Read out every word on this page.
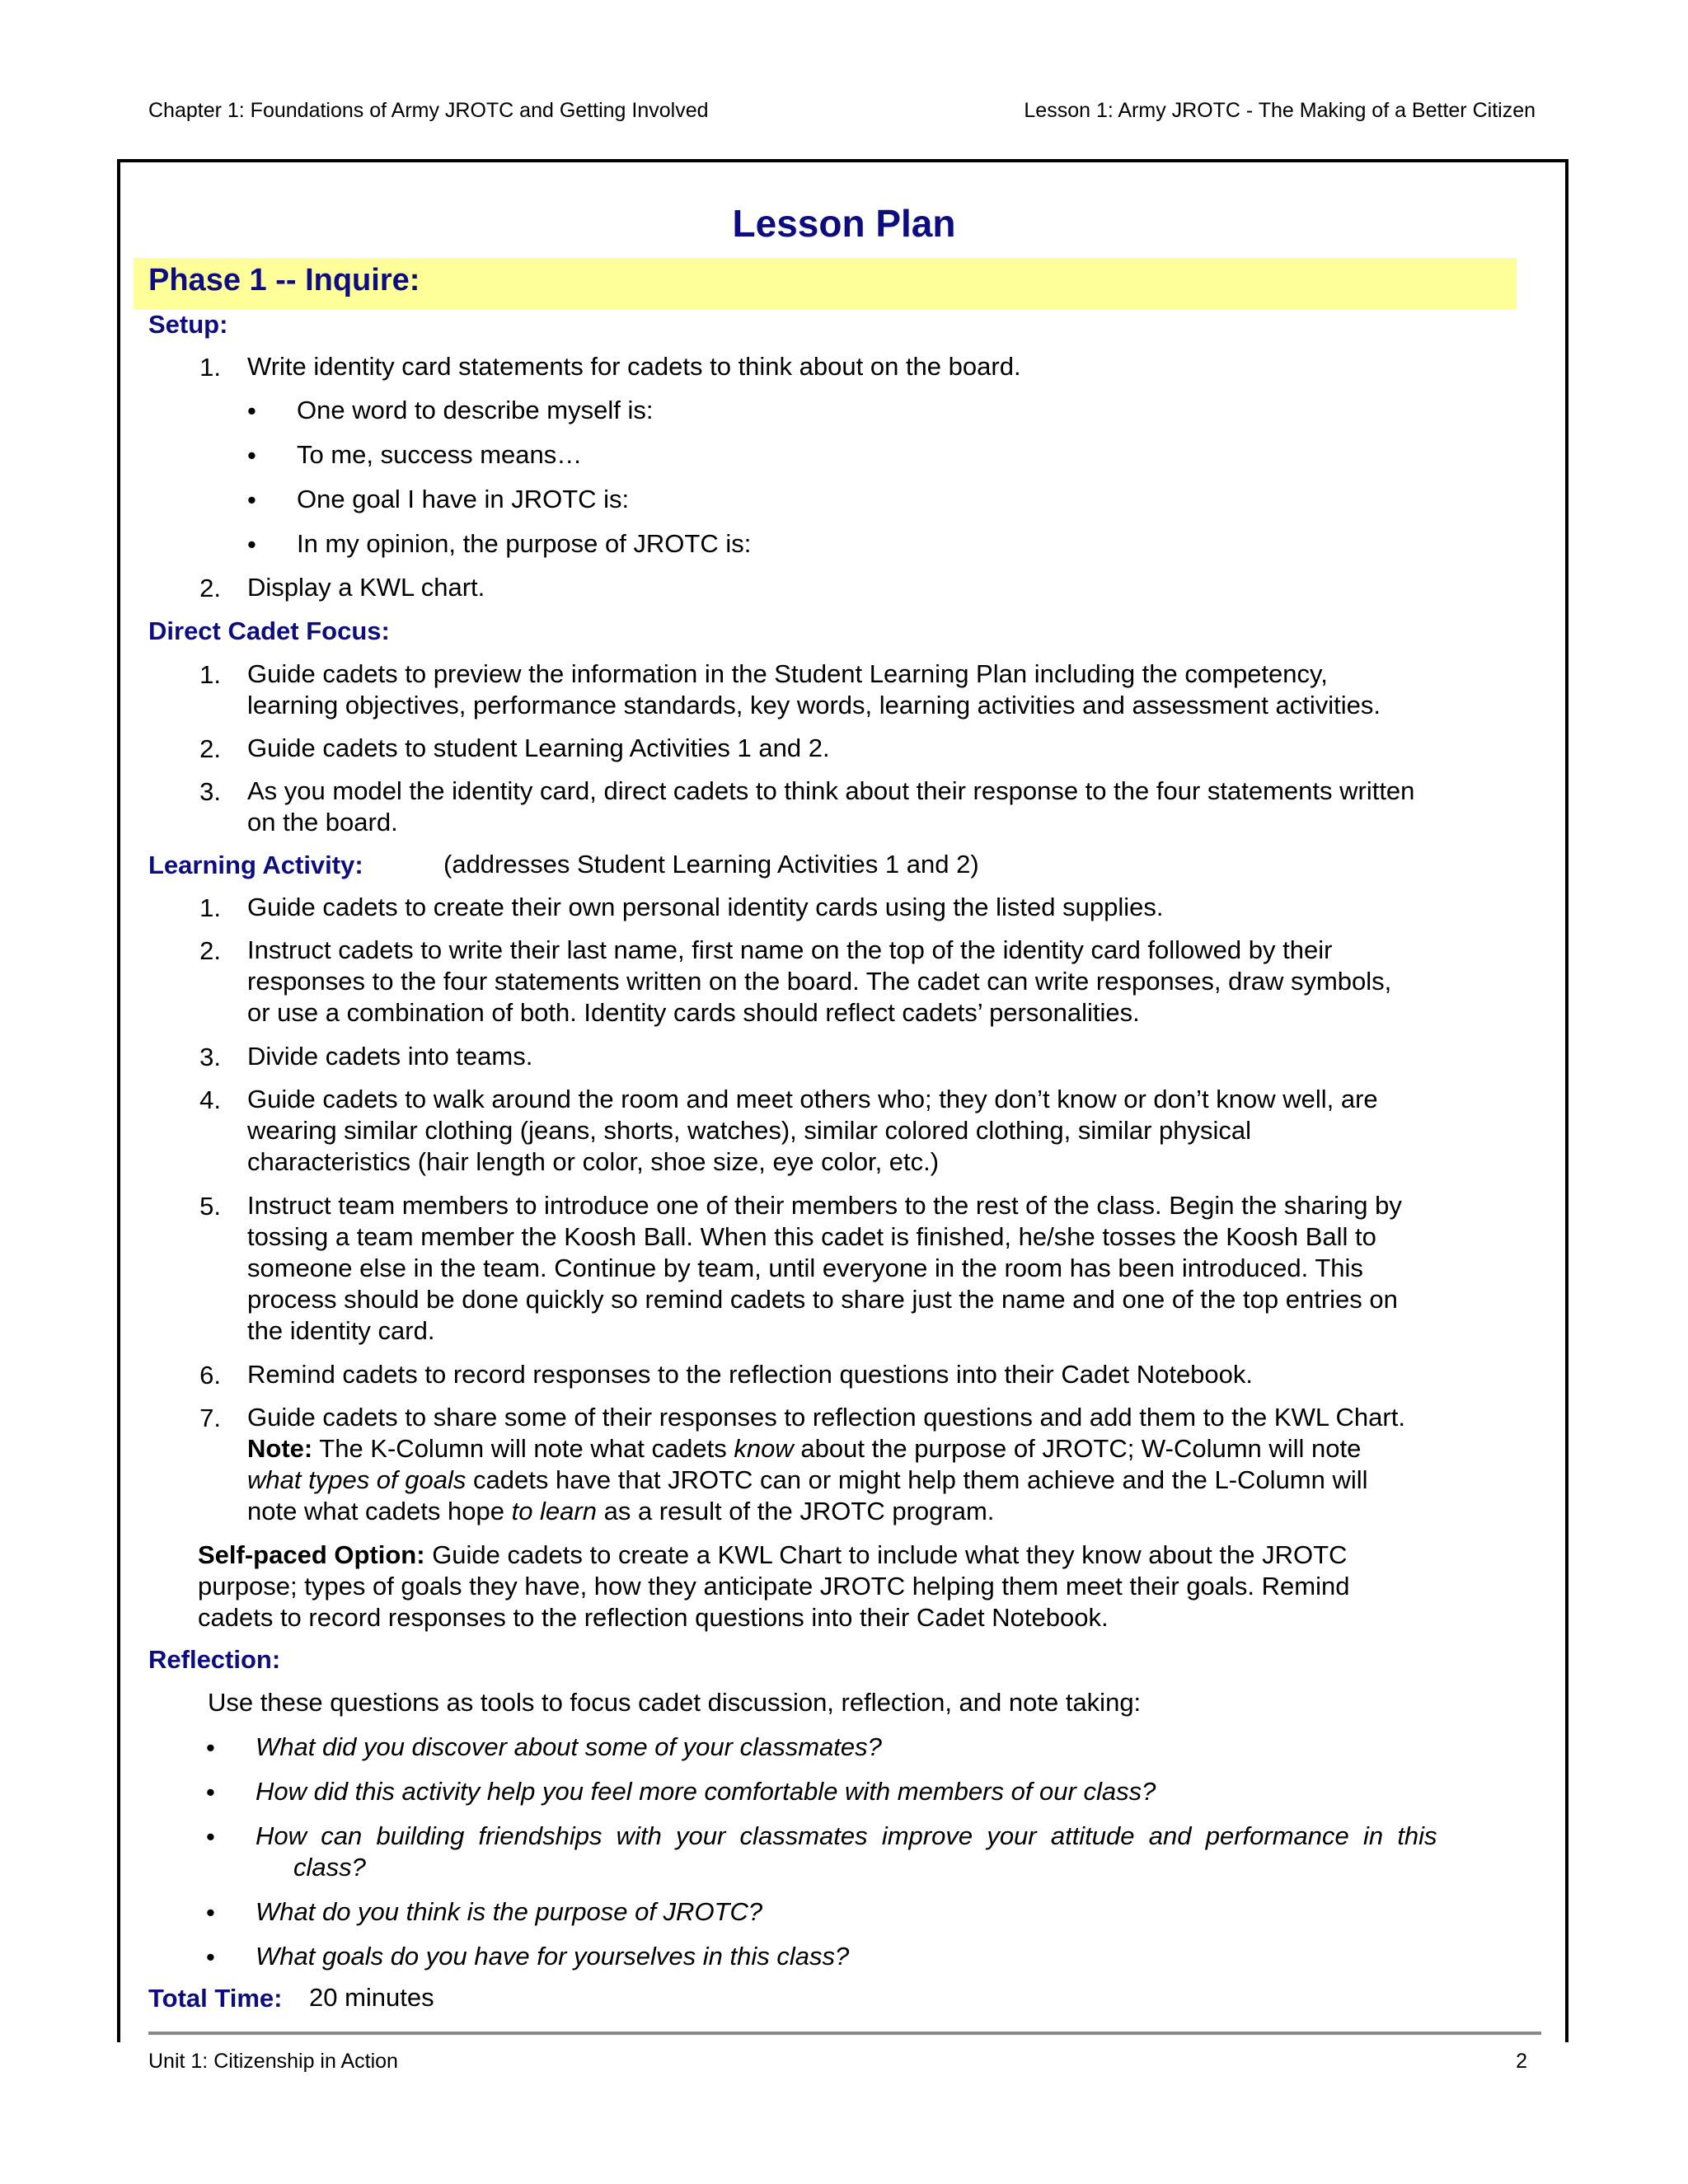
Chapter 1: Foundations of Army JROTC and Getting Involved	Lesson 1: Army JROTC - The Making of a Better Citizen
Lesson Plan
Phase 1 -- Inquire:
Setup:
1. Write identity card statements for cadets to think about on the board.
• One word to describe myself is:
• To me, success means…
• One goal I have in JROTC is:
• In my opinion, the purpose of JROTC is:
2. Display a KWL chart.
Direct Cadet Focus:
1. Guide cadets to preview the information in the Student Learning Plan including the competency,
learning objectives, performance standards, key words, learning activities and assessment activities.
2. Guide cadets to student Learning Activities 1 and 2.
3. As you model the identity card, direct cadets to think about their response to the four statements written
on the board.
Learning Activity:	(addresses Student Learning Activities 1 and 2)
1. Guide cadets to create their own personal identity cards using the listed supplies.
2. Instruct cadets to write their last name, first name on the top of the identity card followed by their
responses to the four statements written on the board. The cadet can write responses, draw symbols,
or use a combination of both. Identity cards should reflect cadets’ personalities.
3. Divide cadets into teams.
4. Guide cadets to walk around the room and meet others who; they don’t know or don’t know well, are
wearing similar clothing (jeans, shorts, watches), similar colored clothing, similar physical
characteristics (hair length or color, shoe size, eye color, etc.)
5. Instruct team members to introduce one of their members to the rest of the class. Begin the sharing by
tossing a team member the Koosh Ball. When this cadet is finished, he/she tosses the Koosh Ball to
someone else in the team. Continue by team, until everyone in the room has been introduced. This
process should be done quickly so remind cadets to share just the name and one of the top entries on
the identity card.
6. Remind cadets to record responses to the reflection questions into their Cadet Notebook.
7. Guide cadets to share some of their responses to reflection questions and add them to the KWL Chart.
Note: The K-Column will note what cadets know about the purpose of JROTC; W-Column will note
what types of goals cadets have that JROTC can or might help them achieve and the L-Column will
note what cadets hope to learn as a result of the JROTC program.
Self-paced Option: Guide cadets to create a KWL Chart to include what they know about the JROTC
purpose; types of goals they have, how they anticipate JROTC helping them meet their goals. Remind
cadets to record responses to the reflection questions into their Cadet Notebook.
Reflection:
Use these questions as tools to focus cadet discussion, reflection, and note taking:
• What did you discover about some of your classmates?
• How did this activity help you feel more comfortable with members of our class?
• How  can  building  friendships  with  your  classmates  improve  your  attitude  and  performance  in  this
class?
• What do you think is the purpose of JROTC?
• What goals do you have for yourselves in this class?
Total Time: 20 minutes
Unit 1: Citizenship in Action	2
